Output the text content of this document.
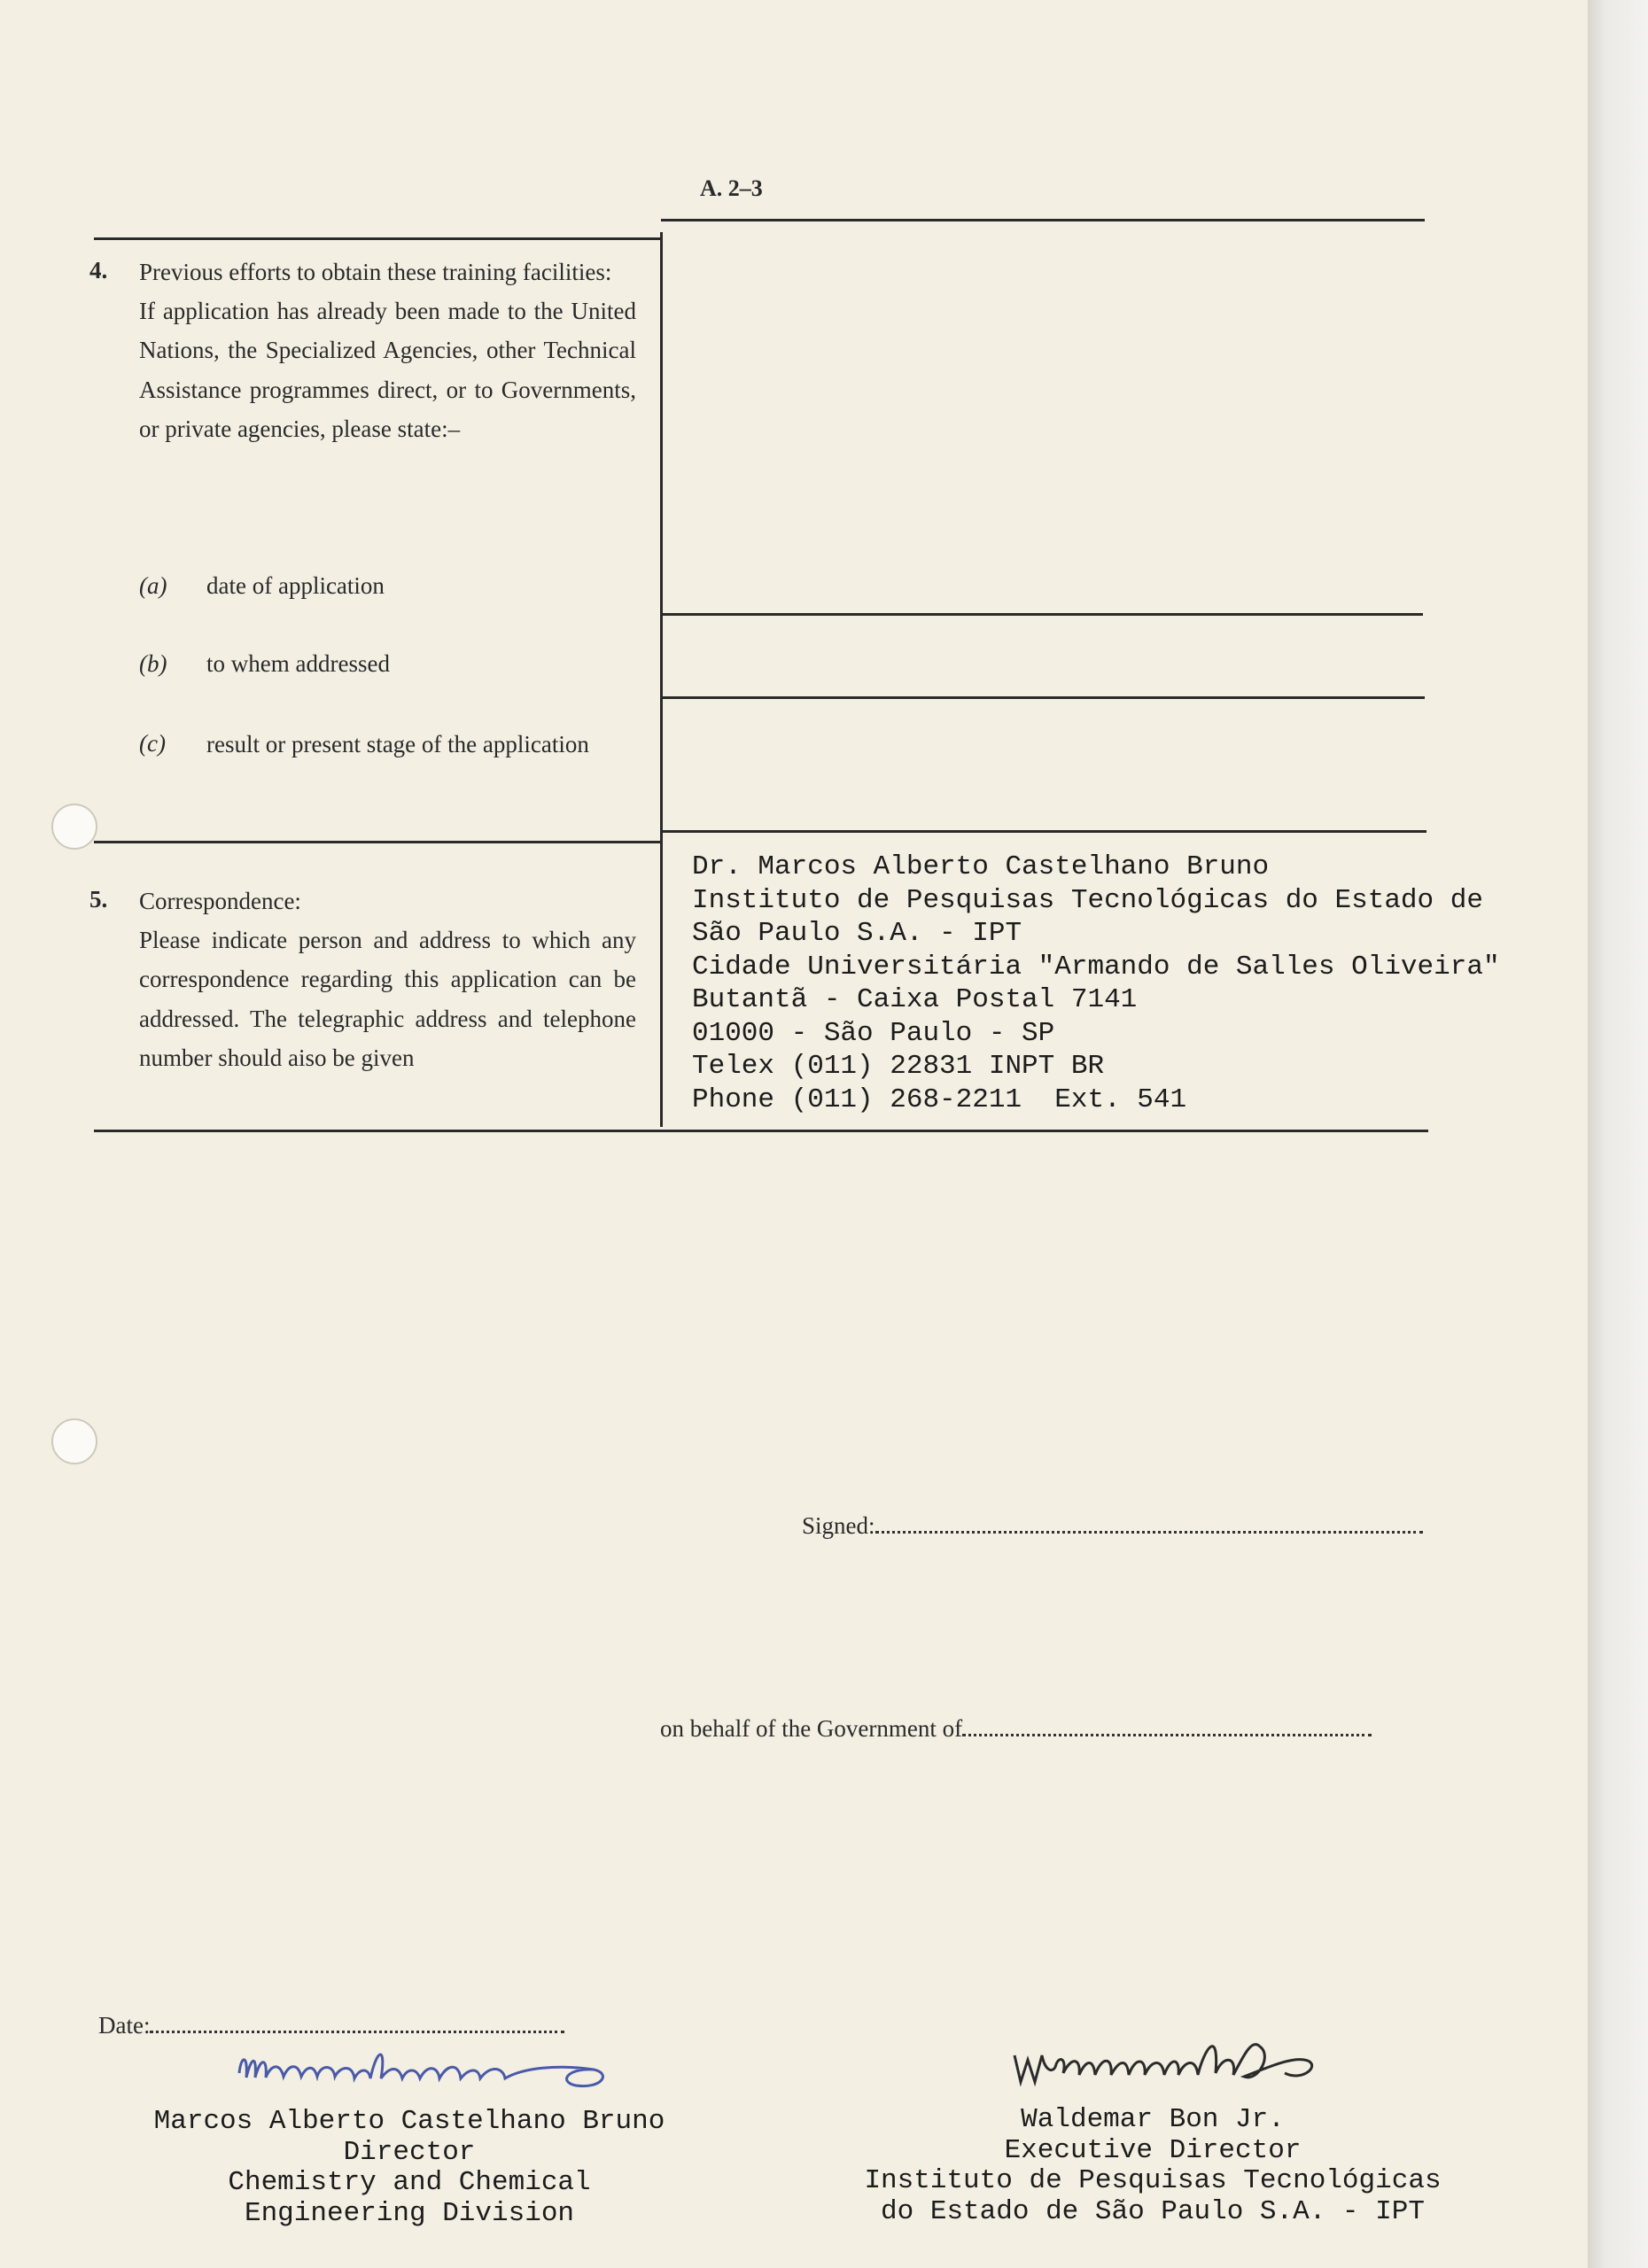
A. 2–3
4. Previous efforts to obtain these training facilities:
If application has already been made to the United Nations, the Specialized Agencies, other Technical Assistance programmes direct, or to Governments, or private agencies, please state:–
(a) date of application
(b) to whem addressed
(c) result or present stage of the application
5. Correspondence:
Please indicate person and address to which any correspondence regarding this application can be addressed. The telegraphic address and telephone number should aiso be given
Dr. Marcos Alberto Castelhano Bruno
Instituto de Pesquisas Tecnológicas do Estado de
São Paulo S.A. - IPT
Cidade Universitária "Armando de Salles Oliveira"
Butantã - Caixa Postal 7141
01000 - São Paulo - SP
Telex (011) 22831 INPT BR
Phone (011) 268-2211  Ext. 541
Signed:
on behalf of the Government of
Date:
Marcos Alberto Castelhano Bruno
Director
Chemistry and Chemical
Engineering Division
Waldemar Bon Jr.
Executive Director
Instituto de Pesquisas Tecnológicas
do Estado de São Paulo S.A. - IPT
